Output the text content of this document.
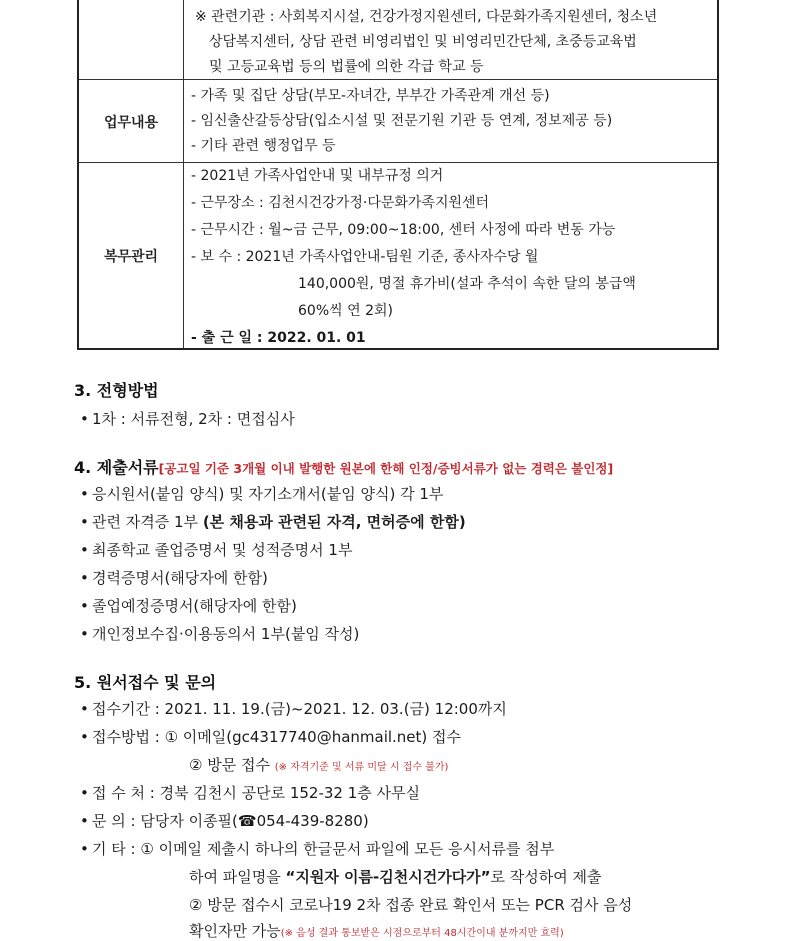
※ 관련기관 : 사회복지시설, 건강가정지원센터, 다문화가족지원센터, 청소년
상담복지센터, 상담 관련 비영리법인 및 비영리민간단체, 초중등교육법
및 고등교육법 등의 법률에 의한 각급 학교 등
업무내용
- 가족 및 집단 상담(부모-자녀간, 부부간 가족관계 개선 등)
- 임신출산갈등상담(입소시설 및 전문기원 기관 등 연계, 정보제공 등)
- 기타 관련 행정업무 등
복무관리
- 2021년 가족사업안내 및 내부규정 의거
- 근무장소 : 김천시건강가정·다문화가족지원센터
- 근무시간 : 월~금 근무, 09:00~18:00, 센터 사정에 따라 변동 가능
- 보 수 : 2021년 가족사업안내-팀원 기준, 종사자수당 월
140,000원, 명절 휴가비(설과 추석이 속한 달의 봉급액
60%씩 연 2회)
- 출 근 일 : 2022. 01. 01
3. 전형방법
• 1차 : 서류전형, 2차 : 면접심사
4. 제출서류[공고일 기준 3개월 이내 발행한 원본에 한해 인정/증빙서류가 없는 경력은 불인정]
• 응시원서(붙임 양식) 및 자기소개서(붙임 양식) 각 1부
• 관련 자격증 1부 (본 채용과 관련된 자격, 면허증에 한함)
• 최종학교 졸업증명서 및 성적증명서 1부
• 경력증명서(해당자에 한함)
• 졸업예정증명서(해당자에 한함)
• 개인정보수집·이용동의서 1부(붙임 작성)
5. 원서접수 및 문의
• 접수기간 : 2021. 11. 19.(금)~2021. 12. 03.(금) 12:00까지
• 접수방법 : ① 이메일(gc4317740@hanmail.net) 접수
② 방문 접수 (※ 자격기준 및 서류 미달 시 접수 불가)
• 접 수 처 : 경북 김천시 공단로 152-32 1층 사무실
• 문 의 : 담당자 이종필(☎054-439-8280)
• 기 타 : ① 이메일 제출시 하나의 한글문서 파일에 모든 응시서류를 첨부
하여 파일명을 “지원자 이름-김천시건가다가”로 작성하여 제출
② 방문 접수시 코로나19 2차 접종 완료 확인서 또는 PCR 검사 음성
확인자만 가능(※ 음성 결과 통보받은 시점으로부터 48시간이내 분까지만 효력)
